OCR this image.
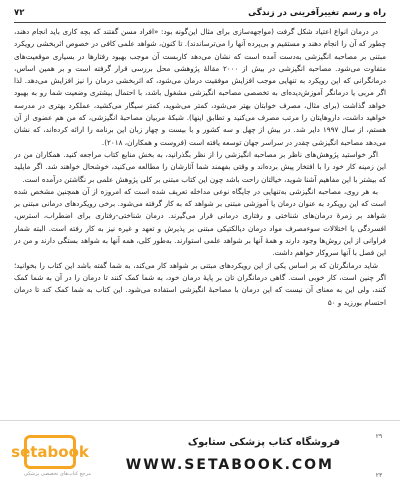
۷۲	راه و رسم تغییرآفرینی در زندگی

در درمان انواع اعتیاد شکل گرفت (مواجهه‌سازی برای مثال این‌گونه بود: «افراد مسن گفتند که بچه کاری باید انجام دهند، چطور که آن را انجام دهند و مستقیم و بی‌پرده آنها را می‌ترساندند). تا کنون، شواهد علمی کافی در خصوص اثربخشی رویکرد مبتنی بر مصاحبه انگیزشی به‌دست آمده است که نشان می‌دهد کاربست آن موجب بهبود رفتارها در بسیاری موقعیت‌های متفاوت می‌شود. مصاحبه انگیزشی در بیش از ۲۰۰۰ مقالهٔ پژوهشی محل بررسی قرار گرفته است و بر همین اساس، درمانگرانی که این رویکرد به تنهایی موجب افزایش موفقیت درمان می‌شود، که اثربخشی درمان را نیز افزایش می‌دهد. لذا اگر مربی یا درمانگر آموزش‌دیده‌ای به تخصصی مصاحبه انگیزشی مشغول باشد، با احتمال بیشتری وضعیت شما رو به بهبود خواهد گذاشت (برای مثال، مصرف خوابتان بهتر می‌شود، کمتر می‌شوید، کمتر سیگار می‌کشید، عملکرد بهتری در مدرسه خواهید داشت، داروهایتان را مرتب مصرف می‌کنید و تطابق اینها). شبکهٔ مربیان مصاحبهٔ انگیزشی، که من هم عضوی از آن هستم، از سال ۱۹۹۷ دایر شد. در بیش از چهل و سه کشور و با بیست و چهار زبان این برنامه را ارائه کرده‌اند، که نشان می‌دهد مصاحبه انگیزشی چقدر در سراسر جهان توسعه یافته است (فروست و همکاران، ۲۰۱۸).

اگر خواستید پژوهش‌های ناظر بر مصاحبه انگیزشی را از نظر بگذرانید، به بخش منابع کتاب مراجعه کنید. همکاران من در این زمینه کار خود را با افتخار پیش برده‌اند و وقتی بفهمند شما آثارشان را مطالعه می‌کنید، خوشحال خواهند شد. اگر مایلید که بیشتر با این مفاهیم آشنا شوید، خیالتان راحت باشد چون این کتاب مبتنی بر کلی پژوهش علمی بر نگاشتن درآمده است.

به هر روی، مصاحبه انگیزشی به‌تنهایی در جایگاه نوعی مداخله تعریف شده است که امروزه از آن همچنین مشخص شده است که این رویکرد به عنوان درمان یا آموزشی مبتنی بر شواهد که به کار گرفته می‌شود. برخی رویکردهای درمانی مبتنی بر شواهد بر زمرهٔ درمان‌های شناختی و رفتاری درمانی قرار می‌گیرند. درمان شناختی-رفتاری برای اضطراب، استرس، افسردگی یا اختلالات سوءمصرف مواد درمان دیالکتیکی مبتنی بر پذیرش و تعهد و غیره نیز به کار رفته است. البته شمار فراوانی از این روش‌ها وجود دارند و همهٔ آنها بر شواهد علمی استوارند. به‌طور کلی، همه آنها به شواهد بستگی دارند و من در این فصل با آنها سروکار خواهم داشت.

شاید درمانگرتان که بر اساس یکی از این رویکردهای مبتنی بر شواهد کار می‌کند، به شما گفته باشد این کتاب را بخوانید؛ اگر چنین است، کار خوبی است. گاهی درمانگران تان بر پایهٔ درمان خود، به شما کمک کنند تا درمان را در آن به شما کمک کنند، ولی این به معنای آن نیست که این درمان با مصاحبهٔ انگیزشی استفاده می‌شود. این کتاب به شما کمک کند تا درمان احتسام بورزید و ۵۰

setabook
مرجع کتاب‌های تخصصی پزشکی
فروشگاه کتاب پزشکی ستابوک
WWW.SETABOOK.COM
۲۹
۲۳
